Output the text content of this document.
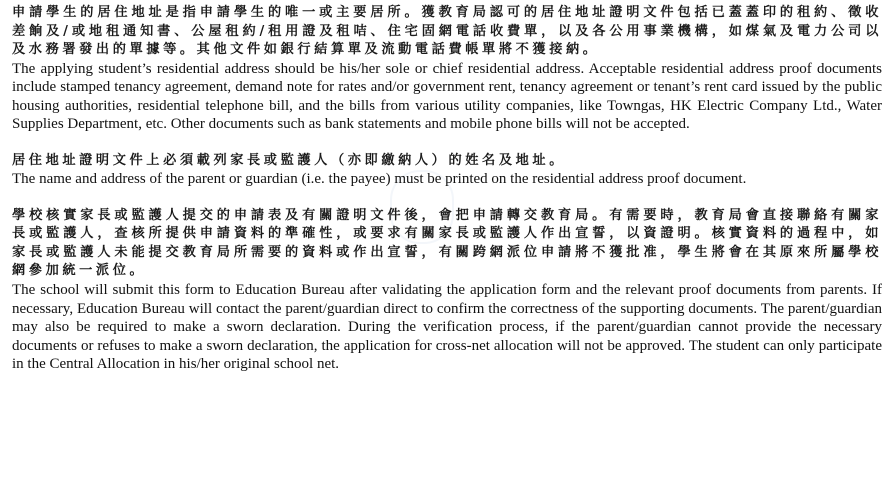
申請學生的居住地址是指申請學生的唯一或主要居所。獲教育局認可的居住地址證明文件包括已蓋蓋印的租約、徵收差餉及/或地租通知書、公屋租約/租用證及租咭、住宅固網電話收費單，以及各公用事業機構，如煤氣及電力公司以及水務署發出的單據等。其他文件如銀行結算單及流動電話費帳單將不獲接納。

The applying student’s residential address should be his/her sole or chief residential address. Acceptable residential address proof documents include stamped tenancy agreement, demand note for rates and/or government rent, tenancy agreement or tenant’s rent card issued by the public housing authorities, residential telephone bill, and the bills from various utility companies, like Towngas, HK Electric Company Ltd., Water Supplies Department, etc. Other documents such as bank statements and mobile phone bills will not be accepted.

居住地址證明文件上必須載列家長或監護人（亦即繳納人）的姓名及地址。

The name and address of the parent or guardian (i.e. the payee) must be printed on the residential address proof document.

學校核實家長或監護人提交的申請表及有關證明文件後，會把申請轉交教育局。有需要時，教育局會直接聯絡有關家長或監護人，查核所提供申請資料的準確性，或要求有關家長或監護人作出宣誓，以資證明。核實資料的過程中，如家長或監護人未能提交教育局所需要的資料或作出宣誓，有關跨網派位申請將不獲批准，學生將會在其原來所屬學校網參加統一派位。

The school will submit this form to Education Bureau after validating the application form and the relevant proof documents from parents. If necessary, Education Bureau will contact the parent/guardian direct to confirm the correctness of the supporting documents. The parent/guardian may also be required to make a sworn declaration. During the verification process, if the parent/guardian cannot provide the necessary documents or refuses to make a sworn declaration, the application for cross-net allocation will not be approved. The student can only participate in the Central Allocation in his/her original school net.
